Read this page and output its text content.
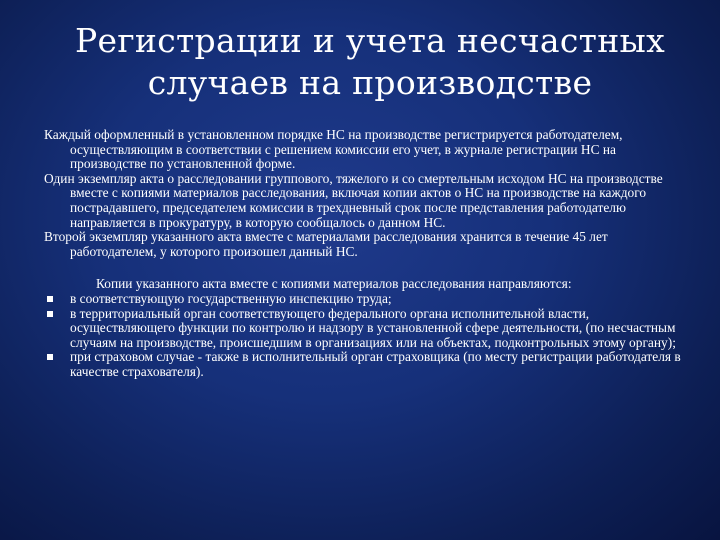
Регистрации и учета несчастных
случаев на производстве

Каждый оформленный в установленном порядке НС на производстве регистрируется работодателем, осуществляющим в соответствии с решением комиссии его учет, в журнале регистрации НС на производстве по установленной форме.

Один экземпляр акта о расследовании группового, тяжелого и со смертельным исходом НС на производстве вместе с копиями материалов расследования, включая копии актов о НС на производстве на каждого пострадавшего, председателем комиссии в трехдневный срок после представления работодателю направляется в прокуратуру, в которую сообщалось о данном НС.

Второй экземпляр указанного акта вместе с материалами расследования хранится в течение 45 лет работодателем, у которого произошел данный НС.

Копии указанного акта вместе с копиями материалов расследования направляются:

в соответствующую государственную инспекцию труда;
в территориальный орган соответствующего федерального органа исполнительной власти, осуществляющего функции по контролю и надзору в установленной сфере деятельности, (по несчастным случаям на производстве, происшедшим в организациях или на объектах, подконтрольных этому органу);
при страховом случае - также в исполнительный орган страховщика (по месту регистрации работодателя в качестве страхователя).
